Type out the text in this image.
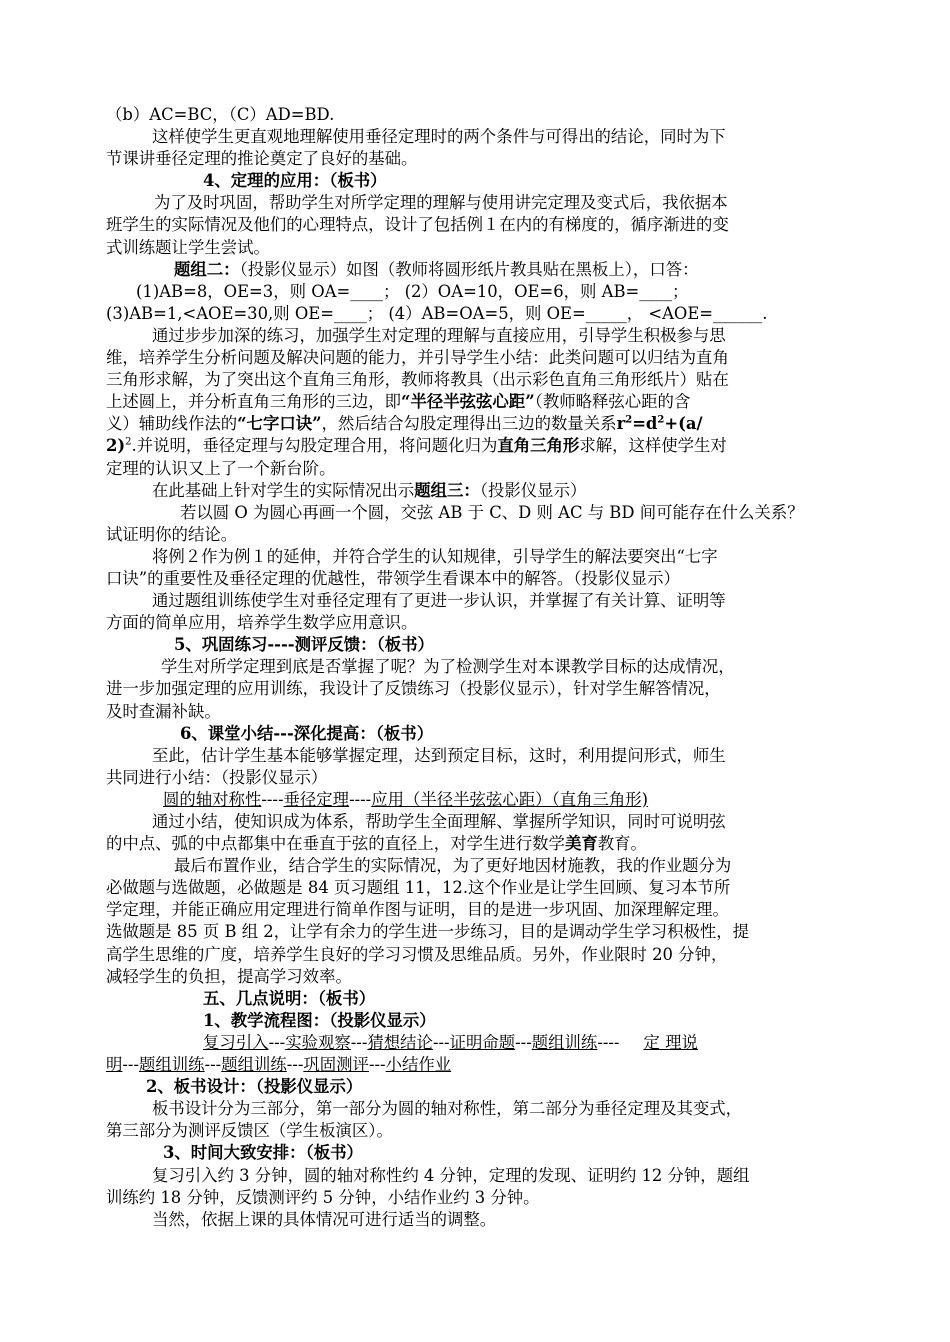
（b）AC=BC，（C）AD=BD.
这样使学生更直观地理解使用垂径定理时的两个条件与可得出的结论，同时为下
节课讲垂径定理的推论奠定了良好的基础。
4、定理的应用：（板书）
为了及时巩固，帮助学生对所学定理的理解与使用讲完定理及变式后，我依据本
班学生的实际情况及他们的心理特点，设计了包括例１在内的有梯度的，循序渐进的变
式训练题让学生尝试。
题组二：（投影仪显示）如图（教师将圆形纸片教具贴在黑板上），口答：
(1)AB=8，OE=3，则 OA=____； (2）OA=10，OE=6，则 AB=____；
(3)AB=1,<AOE=30,则 OE=____； (4）AB=OA=5，则 OE=_____， <AOE=______.
通过步步加深的练习，加强学生对定理的理解与直接应用，引导学生积极参与思
维，培养学生分析问题及解决问题的能力，并引导学生小结：此类问题可以归结为直角
三角形求解，为了突出这个直角三角形，教师将教具（出示彩色直角三角形纸片）贴在
上述圆上，并分析直角三角形的三边，即“半径半弦弦心距”（教师略释弦心距的含
义）辅助线作法的“七字口诀”，然后结合勾股定理得出三边的数量关系$r^2=d^2+(a/$
2)$^2$.并说明，垂径定理与勾股定理合用，将问题化归为直角三角形求解，这样使学生对
定理的认识又上了一个新台阶。
在此基础上针对学生的实际情况出示题组三：（投影仪显示）
若以圆 O 为圆心再画一个圆，交弦 AB 于 C、D 则 AC 与 BD 间可能存在什么关系？
试证明你的结论。
将例２作为例１的延伸，并符合学生的认知规律，引导学生的解法要突出“七字
口诀”的重要性及垂径定理的优越性，带领学生看课本中的解答。（投影仪显示）
通过题组训练使学生对垂径定理有了更进一步认识，并掌握了有关计算、证明等
方面的简单应用，培养学生数学应用意识。
5、巩固练习----测评反馈：（板书）
学生对所学定理到底是否掌握了呢？为了检测学生对本课教学目标的达成情况，
进一步加强定理的应用训练，我设计了反馈练习（投影仪显示），针对学生解答情况，
及时查漏补缺。
6、课堂小结---深化提高：（板书）
至此，估计学生基本能够掌握定理，达到预定目标，这时，利用提问形式，师生
共同进行小结：（投影仪显示）
圆的轴对称性----垂径定理----应用（半径半弦弦心距）（直角三角形)
通过小结，使知识成为体系，帮助学生全面理解、掌握所学知识，同时可说明弦
的中点、弧的中点都集中在垂直于弦的直径上，对学生进行数学美育教育。
最后布置作业，结合学生的实际情况，为了更好地因材施教，我的作业题分为
必做题与选做题，必做题是 84 页习题组 11，12.这个作业是让学生回顾、复习本节所
学定理，并能正确应用定理进行简单作图与证明，目的是进一步巩固、加深理解定理。
选做题是 85 页 B 组 2，让学有余力的学生进一步练习，目的是调动学生学习积极性，提
高学生思维的广度，培养学生良好的学习习惯及思维品质。另外，作业限时 20 分钟，
减轻学生的负担，提高学习效率。
五、几点说明：（板书）
1、教学流程图：（投影仪显示）
复习引入---实验观察---猜想结论---证明命题---题组训练---- 定 理说
明---题组训练---题组训练---巩固测评---小结作业
2、板书设计：（投影仪显示）
板书设计分为三部分，第一部分为圆的轴对称性，第二部分为垂径定理及其变式，
第三部分为测评反馈区（学生板演区）。
3、时间大致安排：（板书）
复习引入约 3 分钟，圆的轴对称性约 4 分钟，定理的发现、证明约 12 分钟，题组
训练约 18 分钟，反馈测评约 5 分钟，小结作业约 3 分钟。
当然，依据上课的具体情况可进行适当的调整。
